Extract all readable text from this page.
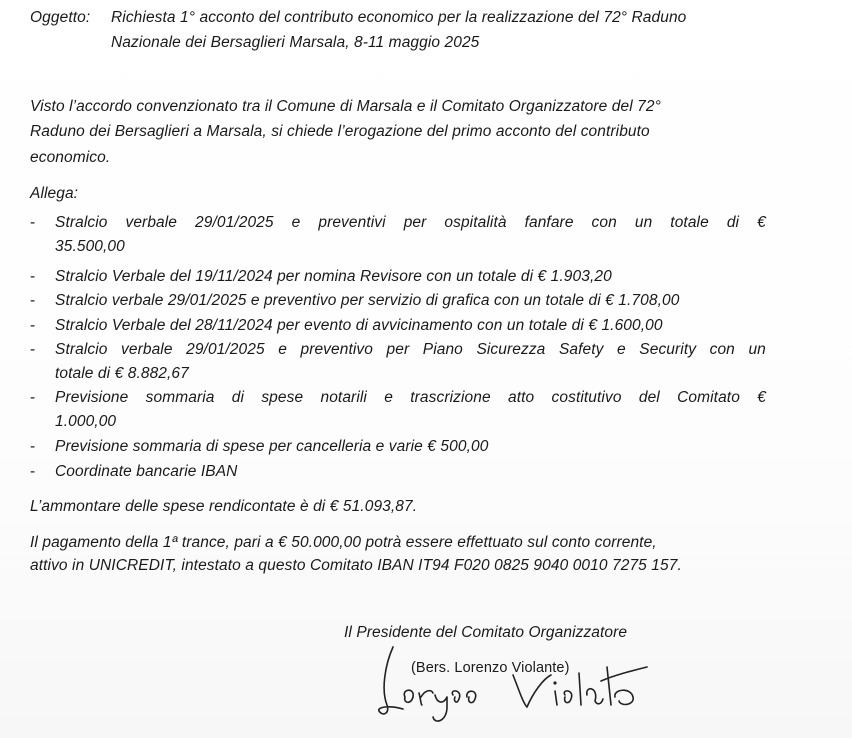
Oggetto: Richiesta 1° acconto del contributo economico per la realizzazione del 72° Raduno
Nazionale dei Bersaglieri Marsala, 8-11 maggio 2025
Visto l’accordo convenzionato tra il Comune di Marsala e il Comitato Organizzatore del 72°
Raduno dei Bersaglieri a Marsala, si chiede l’erogazione del primo acconto del contributo
economico.
Allega:
-	Stralcio verbale 29/01/2025 e preventivi per ospitalità fanfare con un totale di €
35.500,00
-	Stralcio Verbale del 19/11/2024 per nomina Revisore con un totale di € 1.903,20
-	Stralcio verbale 29/01/2025 e preventivo per servizio di grafica con un totale di € 1.708,00
-	Stralcio Verbale del 28/11/2024 per evento di avvicinamento con un totale di € 1.600,00
-	Stralcio verbale 29/01/2025 e preventivo per Piano Sicurezza Safety e Security con un
totale di € 8.882,67
-	Previsione sommaria di spese notarili e trascrizione atto costitutivo del Comitato €
1.000,00
-	Previsione sommaria di spese per cancelleria e varie € 500,00
-	Coordinate bancarie IBAN
L’ammontare delle spese rendicontate è di € 51.093,87.
Il pagamento della 1ª trance, pari a € 50.000,00 potrà essere effettuato sul conto corrente,
attivo in UNICREDIT, intestato a questo Comitato IBAN IT94 F020 0825 9040 0010 7275 157.
Il Presidente del Comitato Organizzatore
(Bers. Lorenzo Violante)
